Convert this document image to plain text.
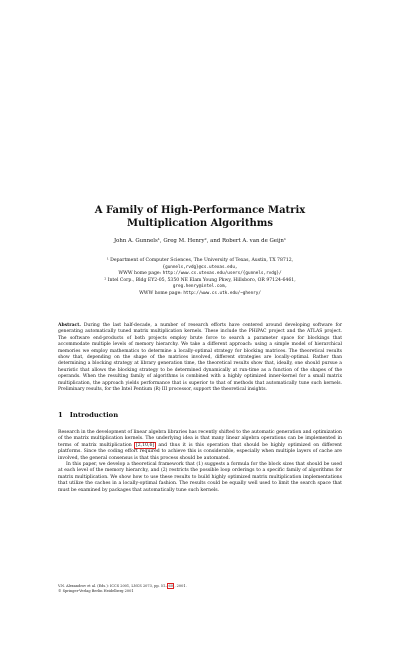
A Family of High-Performance Matrix
Multiplication Algorithms
John A. Gunnels¹, Greg M. Henry², and Robert A. van de Geijn¹
¹ Department of Computer Sciences, The University of Texas, Austin, TX 78712,
{gunnels,rvdg}@cs.utexas.edu,
WWW home page: http://www.cs.utexas.edu/users/{gunnels,rvdg}/
² Intel Corp., Bldg EY2-05, 5350 NE Elam Young Pkwy, Hillsboro, OR 97124-6461,
greg.henry@intel.com,
WWW home page: http://www.cs.utk.edu/~ghenry/
Abstract. During the last half-decade, a number of research efforts have centered around developing software for generating automatically tuned matrix multiplication kernels. These include the PHiPAC project and the ATLAS project. The software end-products of both projects employ brute force to search a parameter space for blockings that accommodate multiple levels of memory hierarchy. We take a different approach: using a simple model of hierarchical memories we employ mathematics to determine a locally-optimal strategy for blocking matrices. The theoretical results show that, depending on the shape of the matrices involved, different strategies are locally-optimal. Rather than determining a blocking strategy at library generation time, the theoretical results show that, ideally, one should pursue a heuristic that allows the blocking strategy to be determined dynamically at run-time as a function of the shapes of the operands. When the resulting family of algorithms is combined with a highly optimized inner-kernel for a small matrix multiplication, the approach yields performance that is superior to that of methods that automatically tune such kernels. Preliminary results, for the Intel Pentium (R) III processor, support the theoretical insights.
1 Introduction

Research in the development of linear algebra libraries has recently shifted to the automatic generation and optimization of the matrix multiplication kernels. The underlying idea is that many linear algebra operations can be implemented in terms of matrix multiplication [2,10,6] and thus it is this operation that should be highly optimized on different platforms. Since the coding effort required to achieve this is considerable, especially when multiple layers of cache are involved, the general consensus is that this process should be automated.

In this paper, we develop a theoretical framework that (1) suggests a formula for the block sizes that should be used at each level of the memory hierarchy, and (2) restricts the possible loop orderings to a specific family of algorithms for matrix multiplication. We show how to use these results to build highly optimized matrix multiplication implementations that utilize the caches in a locally-optimal fashion. The results could be equally well used to limit the search space that must be examined by packages that automatically tune such kernels.

V.N. Alexandrov et al. (Eds.): ICCS 2001, LNCS 2073, pp. 51– 60 , 2001.
© Springer-Verlag Berlin Heidelberg 2001
